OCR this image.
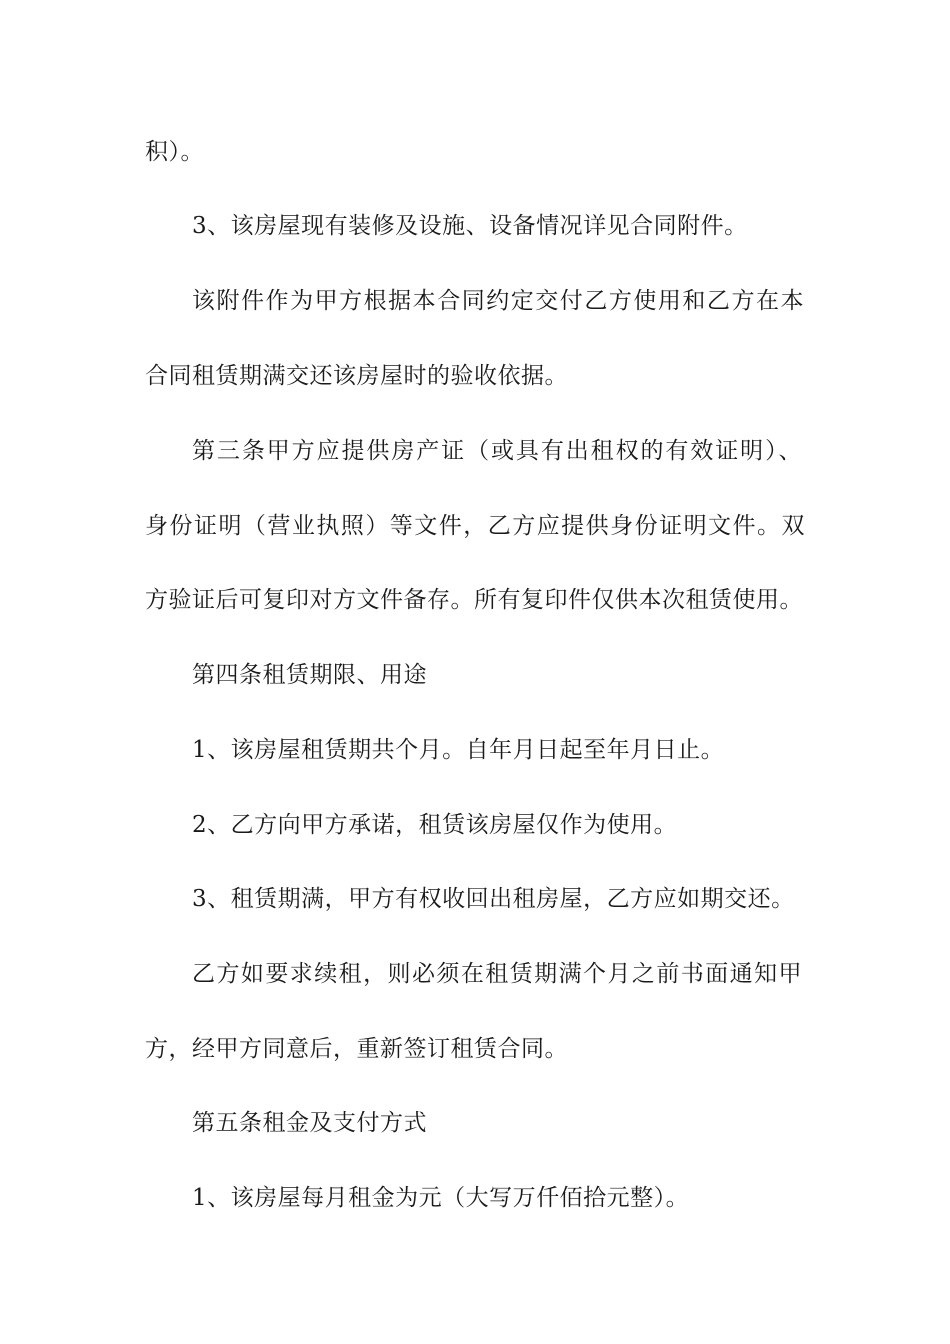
积）。
3、该房屋现有装修及设施、设备情况详见合同附件。
该附件作为甲方根据本合同约定交付乙方使用和乙方在本
合同租赁期满交还该房屋时的验收依据。
第三条甲方应提供房产证（或具有出租权的有效证明）、
身份证明（营业执照）等文件，乙方应提供身份证明文件。双
方验证后可复印对方文件备存。所有复印件仅供本次租赁使用。
第四条租赁期限、用途
1、该房屋租赁期共个月。自年月日起至年月日止。
2、乙方向甲方承诺，租赁该房屋仅作为使用。
3、租赁期满，甲方有权收回出租房屋，乙方应如期交还。
乙方如要求续租，则必须在租赁期满个月之前书面通知甲
方，经甲方同意后，重新签订租赁合同。
第五条租金及支付方式
1、该房屋每月租金为元（大写万仟佰拾元整）。
